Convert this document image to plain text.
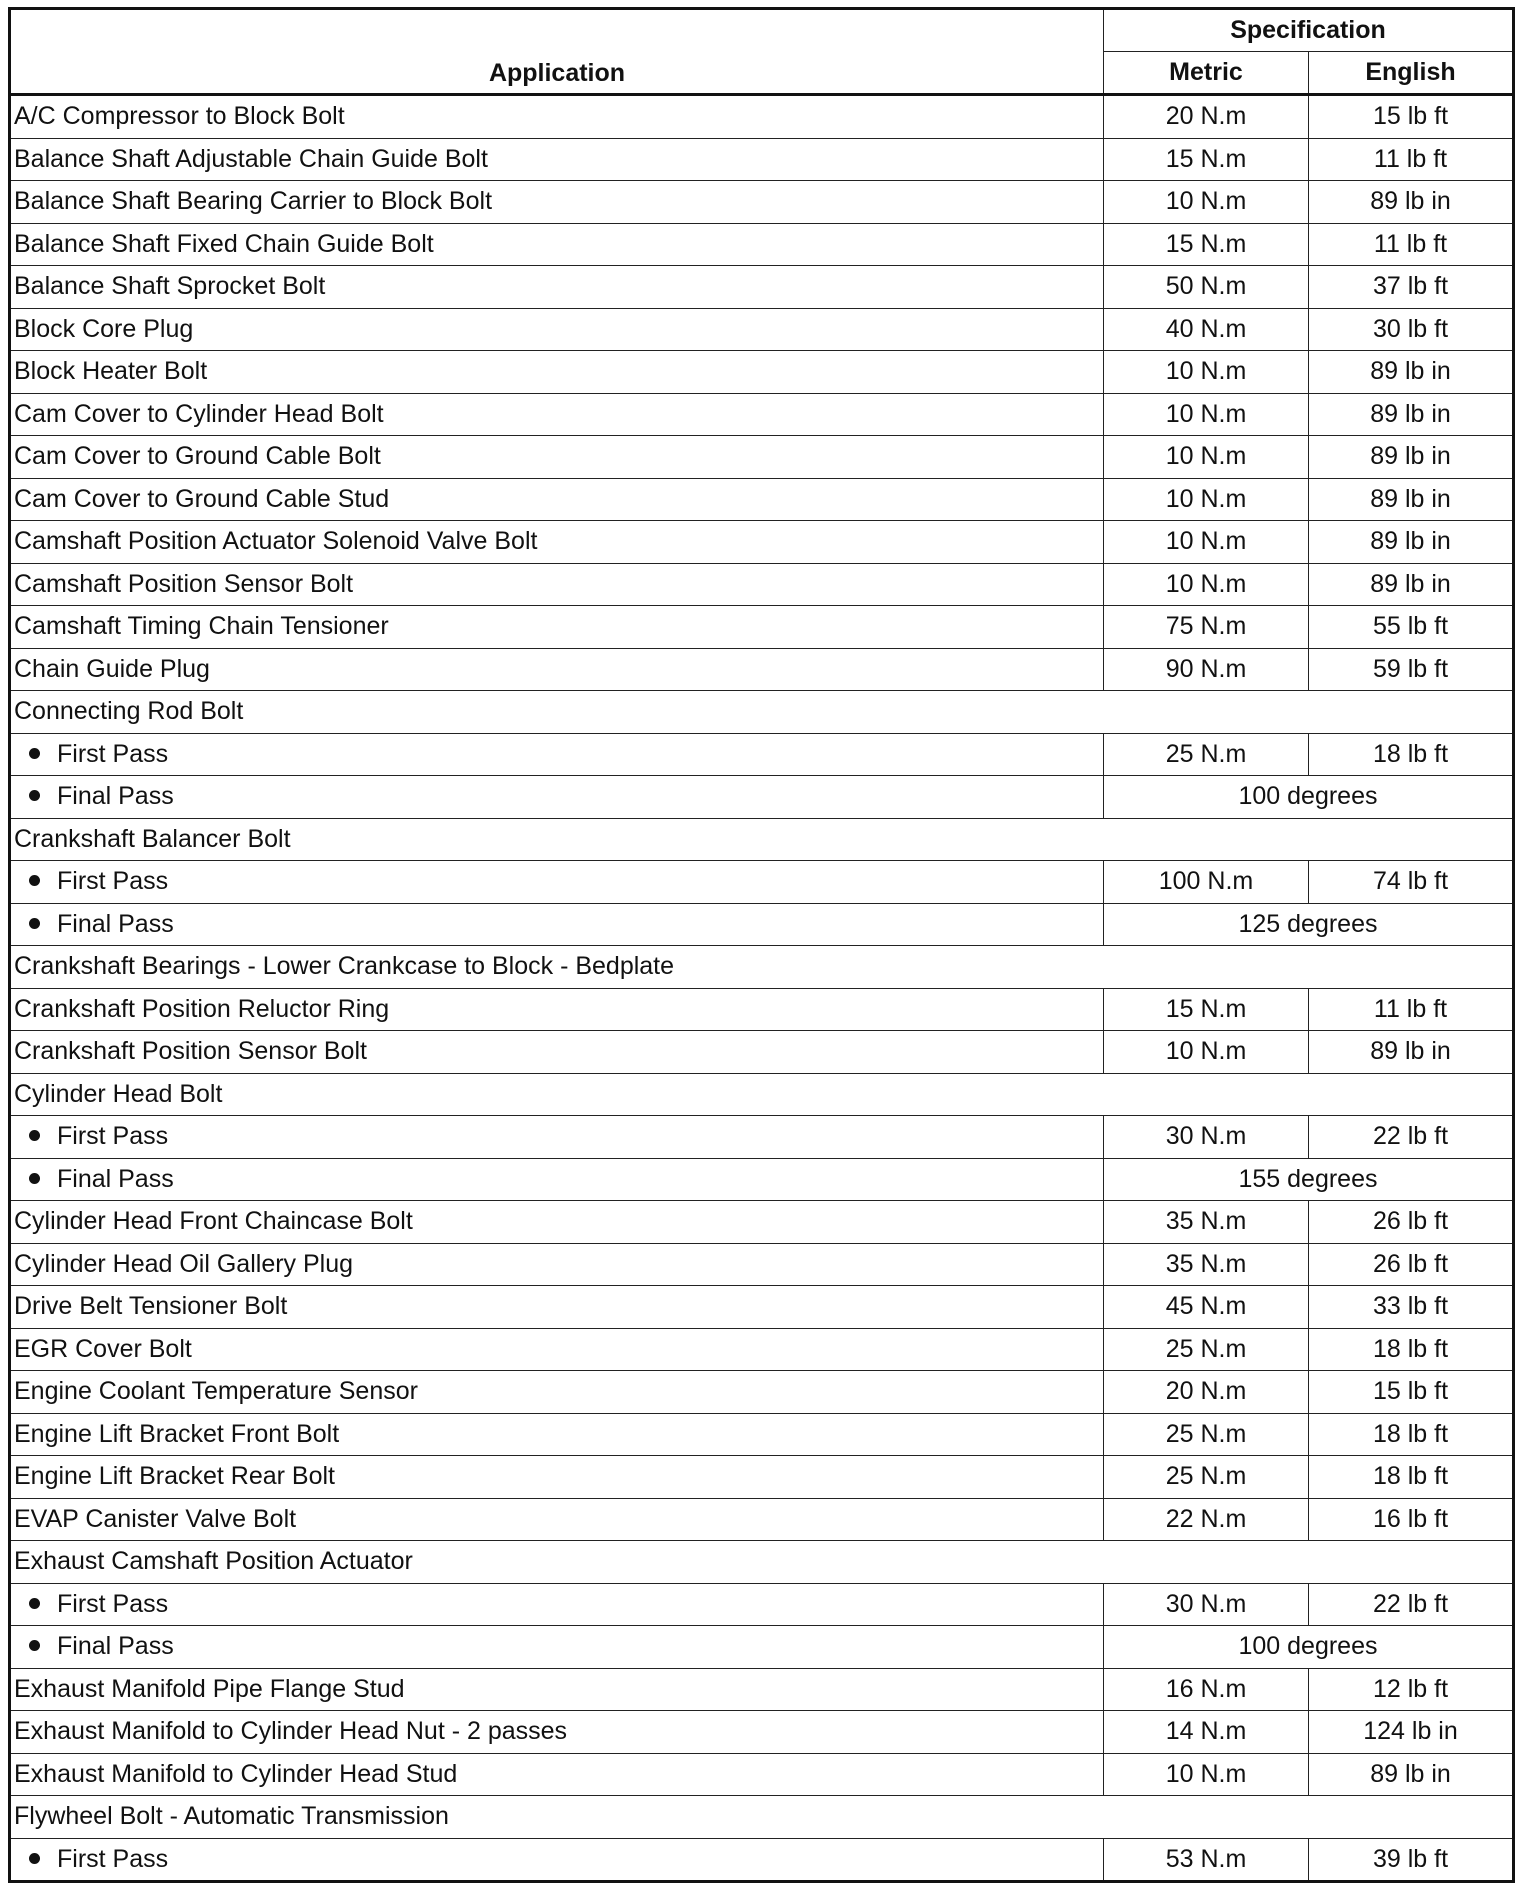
Application	Specification	
	Metric	English
A/C Compressor to Block Bolt	20 N.m	15 lb ft
Balance Shaft Adjustable Chain Guide Bolt	15 N.m	11 lb ft
Balance Shaft Bearing Carrier to Block Bolt	10 N.m	89 lb in
Balance Shaft Fixed Chain Guide Bolt	15 N.m	11 lb ft
Balance Shaft Sprocket Bolt	50 N.m	37 lb ft
Block Core Plug	40 N.m	30 lb ft
Block Heater Bolt	10 N.m	89 lb in
Cam Cover to Cylinder Head Bolt	10 N.m	89 lb in
Cam Cover to Ground Cable Bolt	10 N.m	89 lb in
Cam Cover to Ground Cable Stud	10 N.m	89 lb in
Camshaft Position Actuator Solenoid Valve Bolt	10 N.m	89 lb in
Camshaft Position Sensor Bolt	10 N.m	89 lb in
Camshaft Timing Chain Tensioner	75 N.m	55 lb ft
Chain Guide Plug	90 N.m	59 lb ft
Connecting Rod Bolt		
First Pass	25 N.m	18 lb ft
Final Pass	100 degrees	
Crankshaft Balancer Bolt		
First Pass	100 N.m	74 lb ft
Final Pass	125 degrees	
Crankshaft Bearings - Lower Crankcase to Block - Bedplate		
Crankshaft Position Reluctor Ring	15 N.m	11 lb ft
Crankshaft Position Sensor Bolt	10 N.m	89 lb in
Cylinder Head Bolt		
First Pass	30 N.m	22 lb ft
Final Pass	155 degrees	
Cylinder Head Front Chaincase Bolt	35 N.m	26 lb ft
Cylinder Head Oil Gallery Plug	35 N.m	26 lb ft
Drive Belt Tensioner Bolt	45 N.m	33 lb ft
EGR Cover Bolt	25 N.m	18 lb ft
Engine Coolant Temperature Sensor	20 N.m	15 lb ft
Engine Lift Bracket Front Bolt	25 N.m	18 lb ft
Engine Lift Bracket Rear Bolt	25 N.m	18 lb ft
EVAP Canister Valve Bolt	22 N.m	16 lb ft
Exhaust Camshaft Position Actuator		
First Pass	30 N.m	22 lb ft
Final Pass	100 degrees	
Exhaust Manifold Pipe Flange Stud	16 N.m	12 lb ft
Exhaust Manifold to Cylinder Head Nut - 2 passes	14 N.m	124 lb in
Exhaust Manifold to Cylinder Head Stud	10 N.m	89 lb in
Flywheel Bolt - Automatic Transmission		
First Pass	53 N.m	39 lb ft
